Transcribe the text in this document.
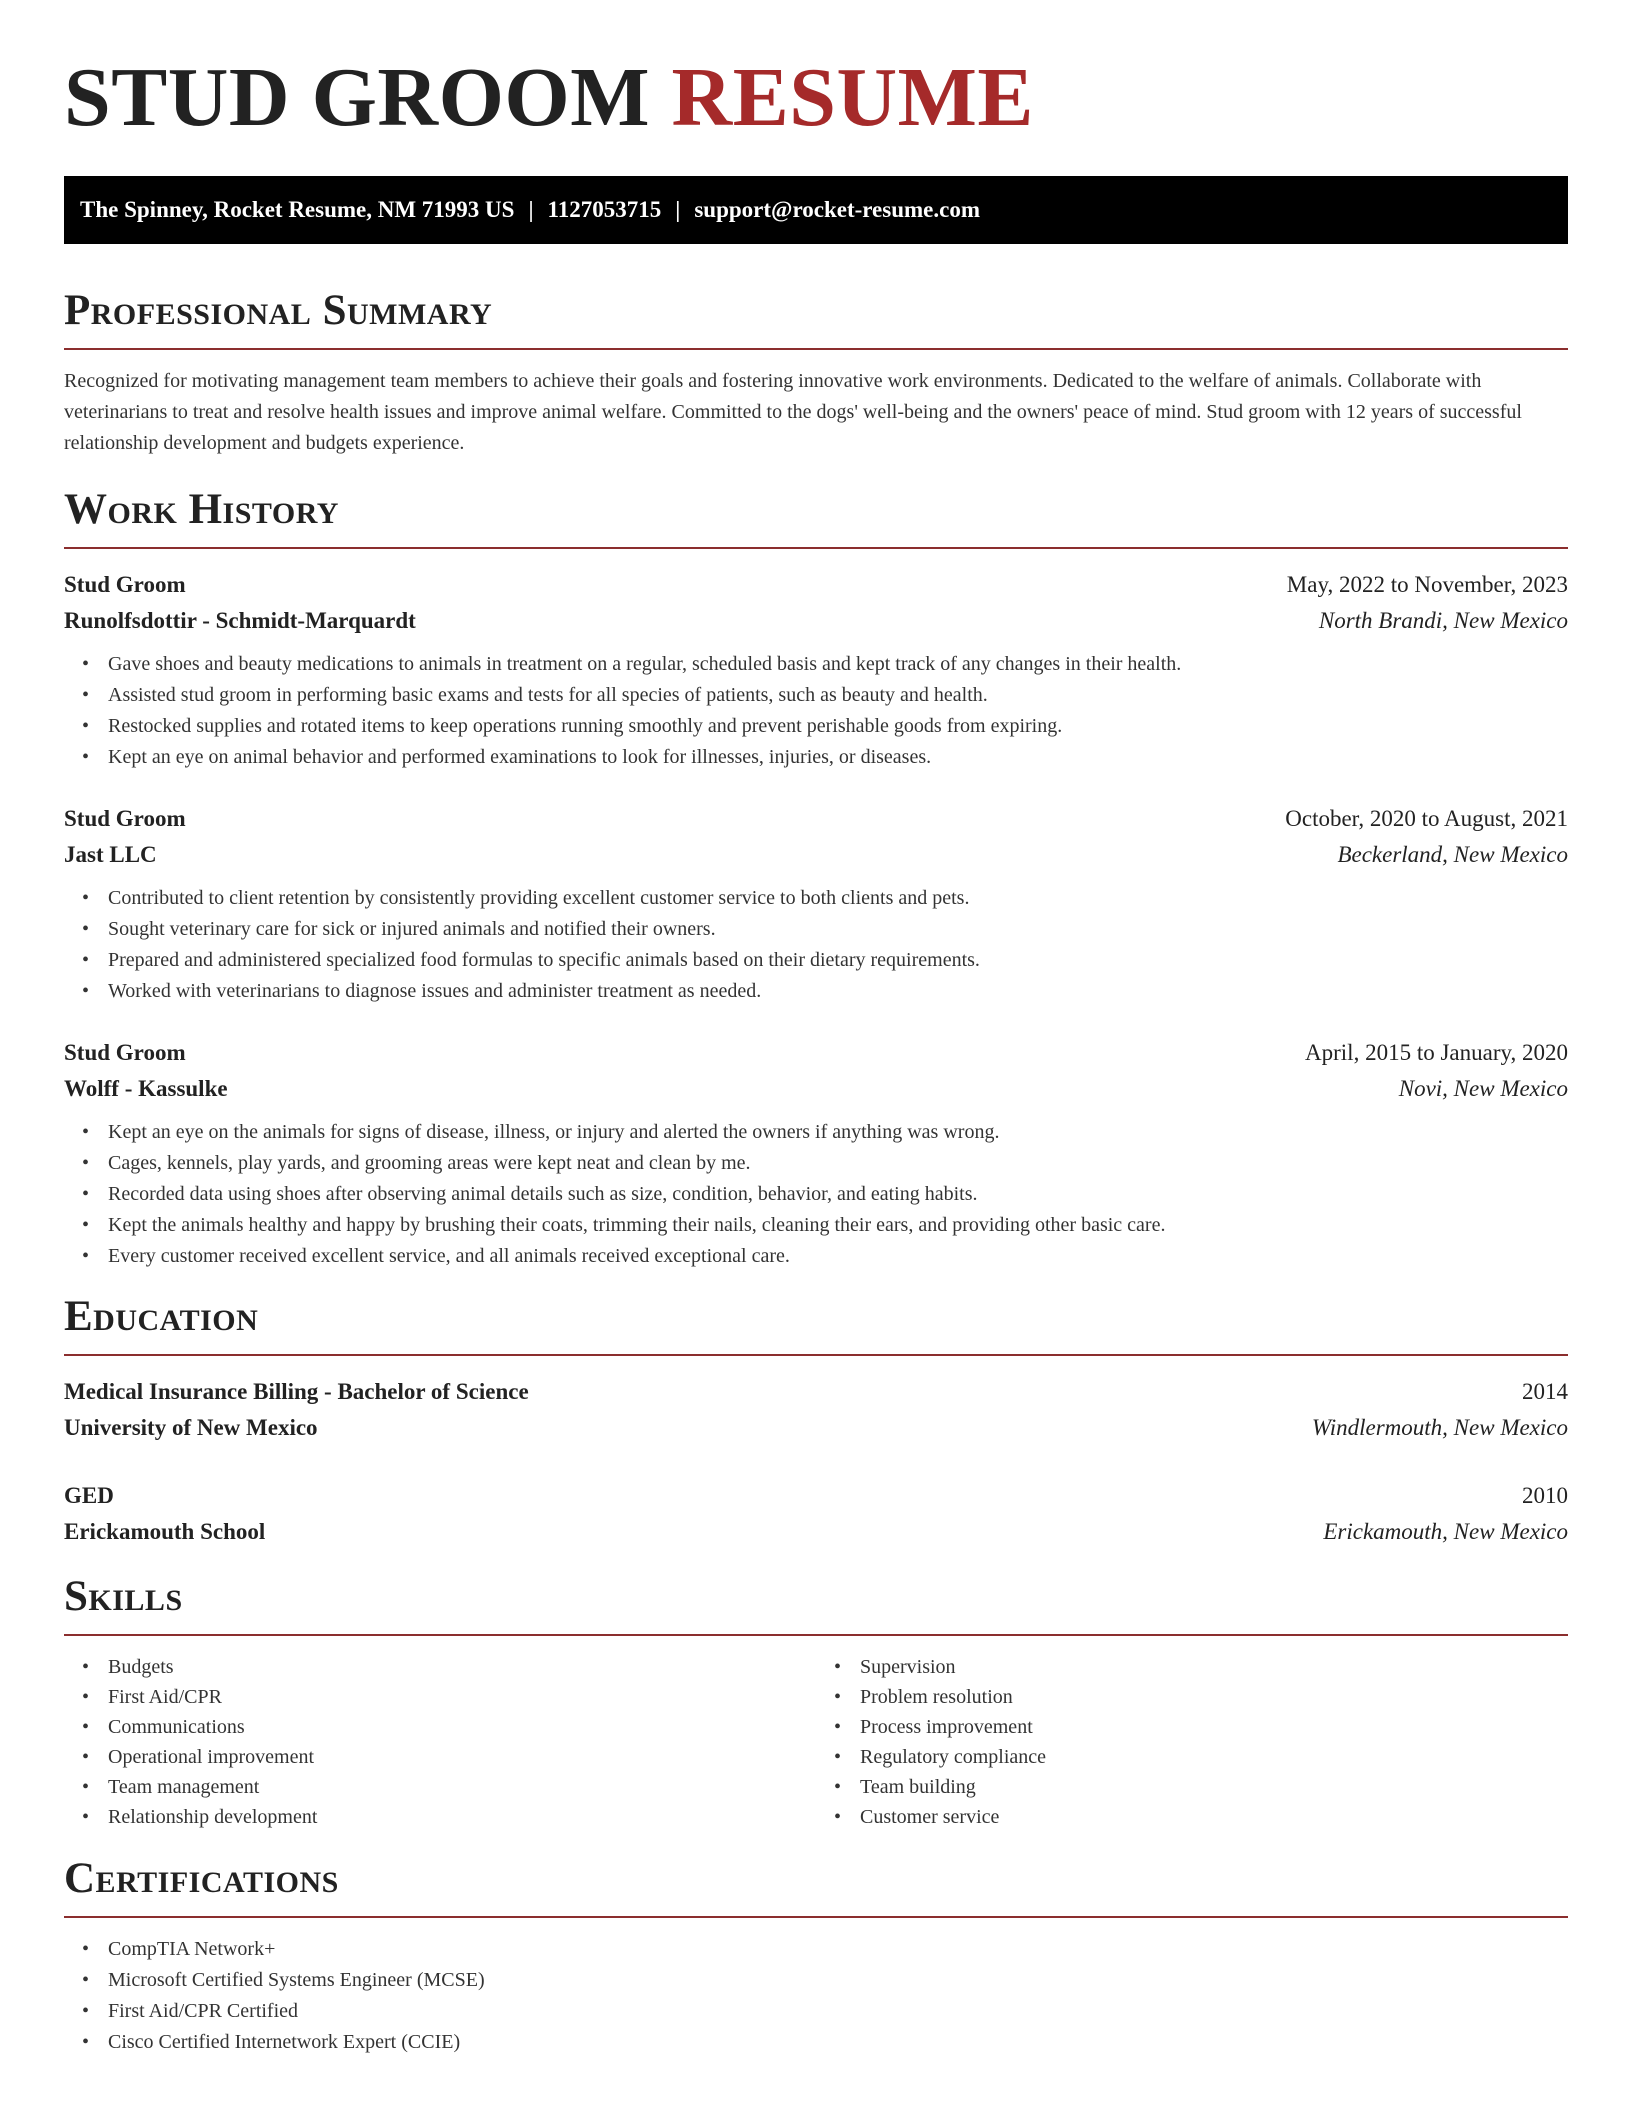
STUD GROOM RESUME
The Spinney, Rocket Resume, NM 71993 US | 1127053715 | support@rocket-resume.com
Professional Summary

Recognized for motivating management team members to achieve their goals and fostering innovative work environments. Dedicated to the welfare of animals. Collaborate with veterinarians to treat and resolve health issues and improve animal welfare. Committed to the dogs' well-being and the owners' peace of mind. Stud groom with 12 years of successful relationship development and budgets experience.

Work History
Stud Groom	May, 2022 to November, 2023
Runolfsdottir - Schmidt-Marquardt	North Brandi, New Mexico
• Gave shoes and beauty medications to animals in treatment on a regular, scheduled basis and kept track of any changes in their health.
• Assisted stud groom in performing basic exams and tests for all species of patients, such as beauty and health.
• Restocked supplies and rotated items to keep operations running smoothly and prevent perishable goods from expiring.
• Kept an eye on animal behavior and performed examinations to look for illnesses, injuries, or diseases.
Stud Groom	October, 2020 to August, 2021
Jast LLC	Beckerland, New Mexico
• Contributed to client retention by consistently providing excellent customer service to both clients and pets.
• Sought veterinary care for sick or injured animals and notified their owners.
• Prepared and administered specialized food formulas to specific animals based on their dietary requirements.
• Worked with veterinarians to diagnose issues and administer treatment as needed.
Stud Groom	April, 2015 to January, 2020
Wolff - Kassulke	Novi, New Mexico
• Kept an eye on the animals for signs of disease, illness, or injury and alerted the owners if anything was wrong.
• Cages, kennels, play yards, and grooming areas were kept neat and clean by me.
• Recorded data using shoes after observing animal details such as size, condition, behavior, and eating habits.
• Kept the animals healthy and happy by brushing their coats, trimming their nails, cleaning their ears, and providing other basic care.
• Every customer received excellent service, and all animals received exceptional care.
Education
Medical Insurance Billing - Bachelor of Science	2014
University of New Mexico	Windlermouth, New Mexico
GED	2010
Erickamouth School	Erickamouth, New Mexico
Skills
• Budgets
• First Aid/CPR
• Communications
• Operational improvement
• Team management
• Relationship development
• Supervision
• Problem resolution
• Process improvement
• Regulatory compliance
• Team building
• Customer service
Certifications
• CompTIA Network+
• Microsoft Certified Systems Engineer (MCSE)
• First Aid/CPR Certified
• Cisco Certified Internetwork Expert (CCIE)
